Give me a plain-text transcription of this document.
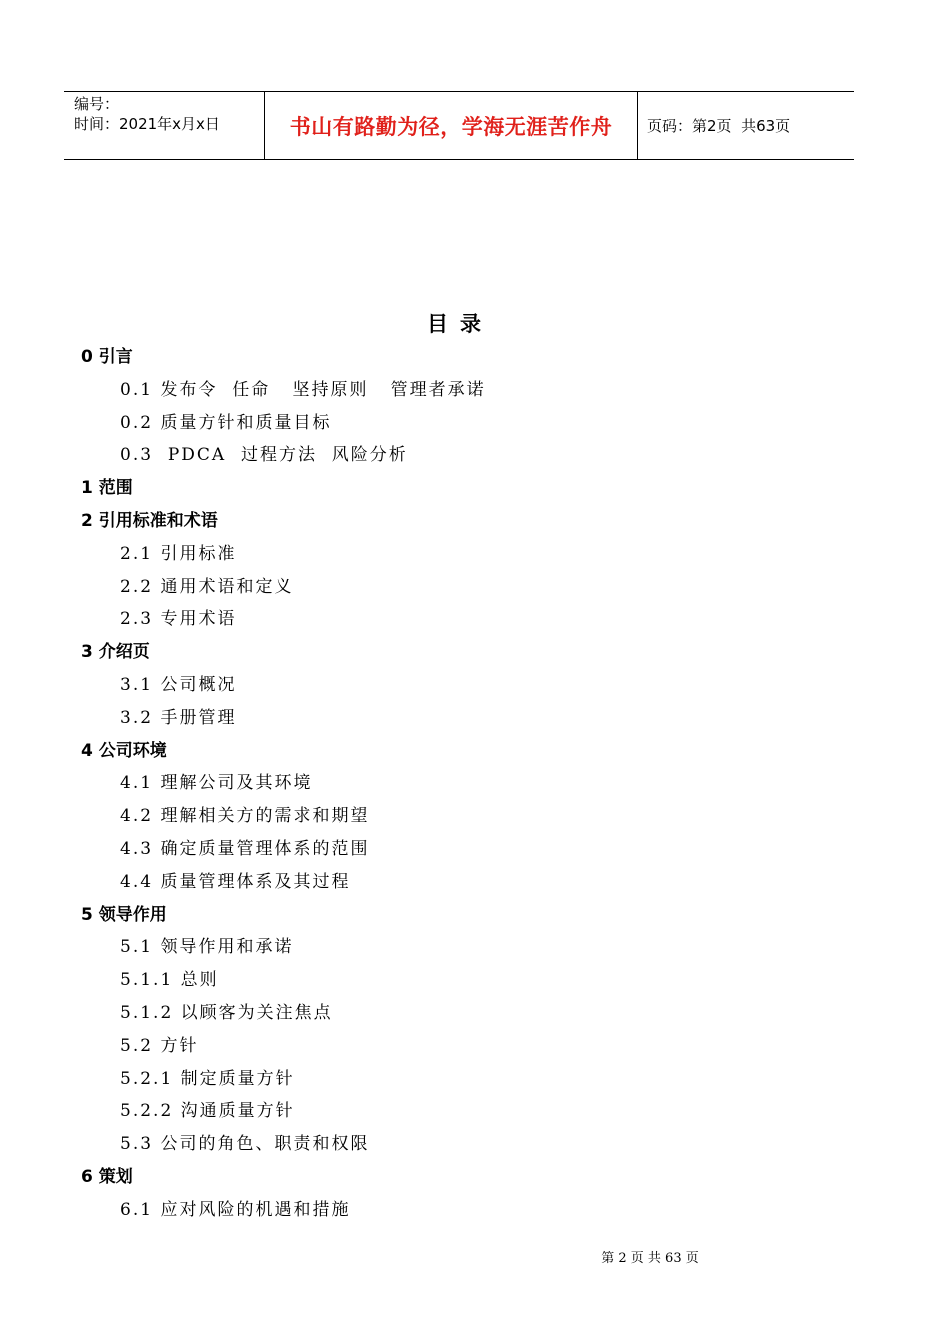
编号：
时间：2021年x月x日	书山有路勤为径，学海无涯苦作舟 页码：第2页  共63页
目录
0 引言
0.1 发布令  任命   坚持原则   管理者承诺
0.2 质量方针和质量目标
0.3  PDCA  过程方法  风险分析
1 范围
2 引用标准和术语
2.1 引用标准
2.2 通用术语和定义
2.3 专用术语
3 介绍页
3.1 公司概况
3.2 手册管理
4 公司环境
4.1 理解公司及其环境
4.2 理解相关方的需求和期望
4.3 确定质量管理体系的范围
4.4 质量管理体系及其过程
5 领导作用
5.1 领导作用和承诺
5.1.1 总则
5.1.2 以顾客为关注焦点
5.2 方针
5.2.1 制定质量方针
5.2.2 沟通质量方针
5.3 公司的角色、职责和权限
6 策划
6.1 应对风险的机遇和措施
第 2 页 共 63 页
